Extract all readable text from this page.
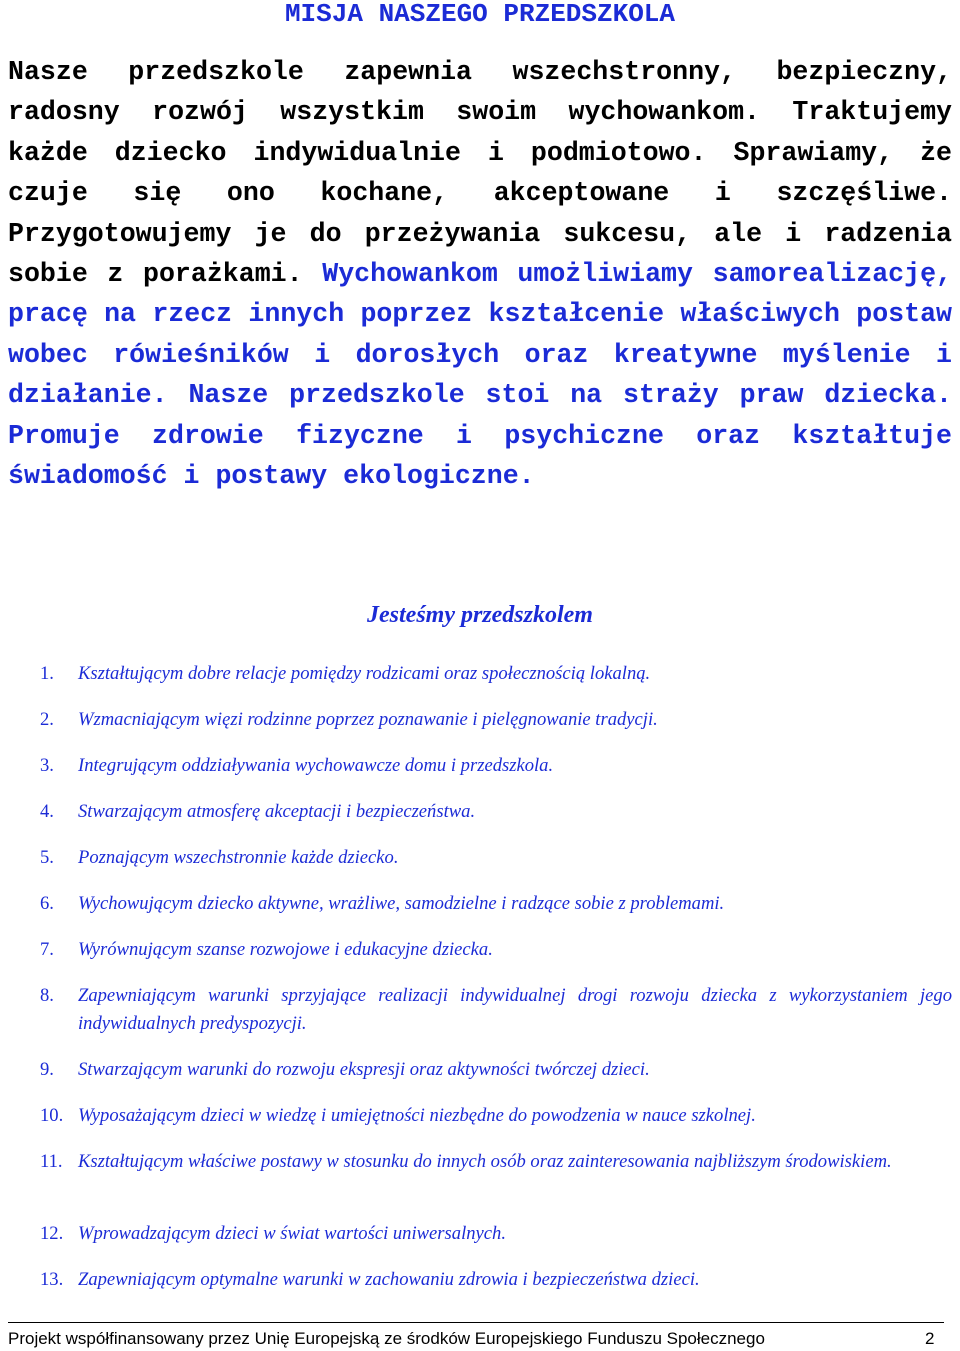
MISJA NASZEGO PRZEDSZKOLA

Nasze przedszkole zapewnia wszechstronny, bezpieczny, radosny rozwój wszystkim swoim wychowankom. Traktujemy każde dziecko indywidualnie i podmiotowo. Sprawiamy, że czuje się ono kochane, akceptowane i szczęśliwe. Przygotowujemy je do przeżywania sukcesu, ale i radzenia sobie z porażkami. Wychowankom umożliwiamy samorealizację, pracę na rzecz innych poprzez kształcenie właściwych postaw wobec rówieśników i dorosłych oraz kreatywne myślenie i działanie. Nasze przedszkole stoi na straży praw dziecka. Promuje zdrowie fizyczne i psychiczne oraz kształtuje świadomość i postawy ekologiczne.

Jesteśmy przedszkolem
1. Kształtującym dobre relacje pomiędzy rodzicami oraz społecznością lokalną.
2. Wzmacniającym więzi rodzinne poprzez poznawanie i pielęgnowanie tradycji.
3. Integrującym oddziaływania wychowawcze domu i przedszkola.
4. Stwarzającym atmosferę akceptacji i bezpieczeństwa.
5. Poznającym wszechstronnie każde dziecko.
6. Wychowującym dziecko aktywne, wrażliwe, samodzielne i radzące sobie z problemami.
7. Wyrównującym szanse rozwojowe i edukacyjne dziecka.
8. Zapewniającym warunki sprzyjające realizacji indywidualnej drogi rozwoju dziecka z wykorzystaniem jego indywidualnych predyspozycji.
9. Stwarzającym warunki do rozwoju ekspresji oraz aktywności twórczej dzieci.
10. Wyposażającym dzieci w wiedzę i umiejętności niezbędne do powodzenia w nauce szkolnej.
11. Kształtującym właściwe postawy w stosunku do innych osób oraz zainteresowania najbliższym środowiskiem.
12. Wprowadzającym dzieci w świat wartości uniwersalnych.
13. Zapewniającym optymalne warunki w zachowaniu zdrowia i bezpieczeństwa dzieci.

Projekt współfinansowany przez Unię Europejską ze środków Europejskiego Funduszu Społecznego	2
